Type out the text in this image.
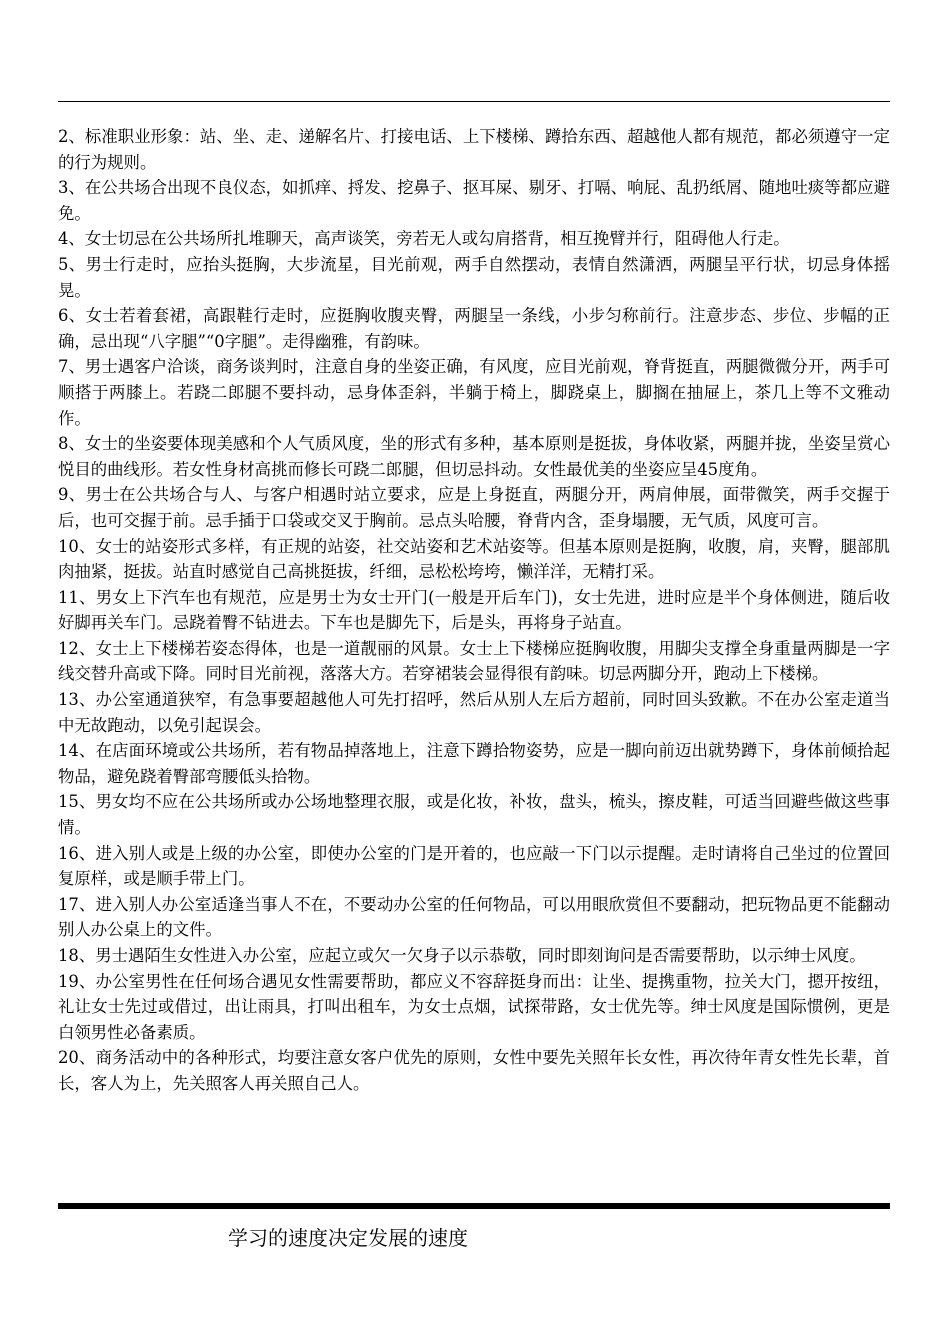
2、标准职业形象：站、坐、走、递解名片、打接电话、上下楼梯、蹲拾东西、超越他人都有规范，都必须遵守一定的行为规则。

3、在公共场合出现不良仪态，如抓痒、捋发、挖鼻子、抠耳屎、剔牙、打嗝、响屁、乱扔纸屑、随地吐痰等都应避免。

4、女士切忌在公共场所扎堆聊天，高声谈笑，旁若无人或勾肩搭背，相互挽臂并行，阻碍他人行走。

5、男士行走时，应抬头挺胸，大步流星，目光前观，两手自然摆动，表情自然潇洒，两腿呈平行状，切忌身体摇晃。

6、女士若着套裙，高跟鞋行走时，应挺胸收腹夹臀，两腿呈一条线，小步匀称前行。注意步态、步位、步幅的正确，忌出现“八字腿”“0字腿”。走得幽雅，有韵味。

7、男士遇客户洽谈，商务谈判时，注意自身的坐姿正确，有风度，应目光前观，脊背挺直，两腿微微分开，两手可顺搭于两膝上。若跷二郎腿不要抖动，忌身体歪斜，半躺于椅上，脚跷桌上，脚搁在抽屉上，茶几上等不文雅动作。

8、女士的坐姿要体现美感和个人气质风度，坐的形式有多种，基本原则是挺拔，身体收紧，两腿并拢，坐姿呈赏心悦目的曲线形。若女性身材高挑而修长可跷二郎腿，但切忌抖动。女性最优美的坐姿应呈45度角。

9、男士在公共场合与人、与客户相遇时站立要求，应是上身挺直，两腿分开，两肩伸展，面带微笑，两手交握于后，也可交握于前。忌手插于口袋或交叉于胸前。忌点头哈腰，脊背内含，歪身塌腰，无气质，风度可言。

10、女士的站姿形式多样，有正规的站姿，社交站姿和艺术站姿等。但基本原则是挺胸，收腹，肩，夹臀，腿部肌肉抽紧，挺拔。站直时感觉自己高挑挺拔，纤细，忌松松垮垮，懒洋洋，无精打采。

11、男女上下汽车也有规范，应是男士为女士开门(一般是开后车门)，女士先进，进时应是半个身体侧进，随后收好脚再关车门。忌跷着臀不钻进去。下车也是脚先下，后是头，再将身子站直。

12、女士上下楼梯若姿态得体，也是一道靓丽的风景。女士上下楼梯应挺胸收腹，用脚尖支撑全身重量两脚是一字线交替升高或下降。同时目光前视，落落大方。若穿裙装会显得很有韵味。切忌两脚分开，跑动上下楼梯。

13、办公室通道狭窄，有急事要超越他人可先打招呼，然后从别人左后方超前，同时回头致歉。不在办公室走道当中无故跑动，以免引起误会。

14、在店面环境或公共场所，若有物品掉落地上，注意下蹲拾物姿势，应是一脚向前迈出就势蹲下，身体前倾拾起物品，避免跷着臀部弯腰低头拾物。

15、男女均不应在公共场所或办公场地整理衣服，或是化妆，补妆，盘头，梳头，擦皮鞋，可适当回避些做这些事情。

16、进入别人或是上级的办公室，即使办公室的门是开着的，也应敲一下门以示提醒。走时请将自己坐过的位置回复原样，或是顺手带上门。

17、进入别人办公室适逢当事人不在，不要动办公室的任何物品，可以用眼欣赏但不要翻动，把玩物品更不能翻动别人办公桌上的文件。

18、男士遇陌生女性进入办公室，应起立或欠一欠身子以示恭敬，同时即刻询问是否需要帮助，以示绅士风度。

19、办公室男性在任何场合遇见女性需要帮助，都应义不容辞挺身而出：让坐、提携重物，拉关大门，摁开按纽，礼让女士先过或借过，出让雨具，打叫出租车，为女士点烟，试探带路，女士优先等。绅士风度是国际惯例，更是白领男性必备素质。

20、商务活动中的各种形式，均要注意女客户优先的原则，女性中要先关照年长女性，再次待年青女性先长辈，首长，客人为上，先关照客人再关照自己人。

学习的速度决定发展的速度
